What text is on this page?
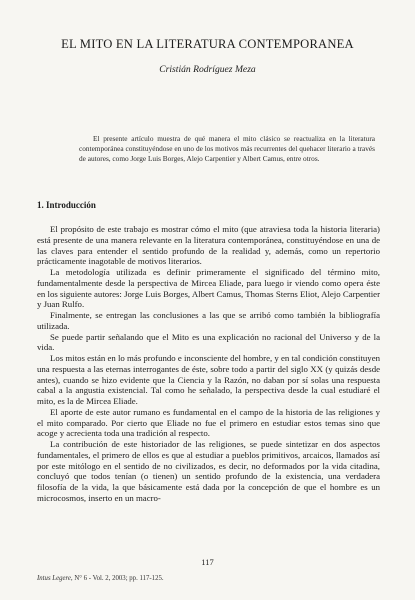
EL MITO EN LA LITERATURA CONTEMPORANEA
Cristián Rodríguez Meza

El presente artículo muestra de qué manera el mito clásico se reactualiza en la literatura contemporánea constituyéndose en uno de los motivos más recurrentes del quehacer literario a través de autores, como Jorge Luis Borges, Alejo Carpentier y Albert Camus, entre otros.

1. Introducción

El propósito de este trabajo es mostrar cómo el mito (que atraviesa toda la historia literaria) está presente de una manera relevante en la literatura contemporánea, constituyéndose en una de las claves para entender el sentido profundo de la realidad y, además, como un repertorio prácticamente inagotable de motivos literarios.

La metodología utilizada es definir primeramente el significado del término mito, fundamentalmente desde la perspectiva de Mircea Eliade, para luego ir viendo como opera éste en los siguiente autores: Jorge Luis Borges, Albert Camus, Thomas Sterns Eliot, Alejo Carpentier y Juan Rulfo.

Finalmente, se entregan las conclusiones a las que se arribó como también la bibliografía utilizada.

Se puede partir señalando que el Mito es una explicación no racional del Universo y de la vida.

Los mitos están en lo más profundo e inconsciente del hombre, y en tal condición constituyen una respuesta a las eternas interrogantes de éste, sobre todo a partir del siglo XX (y quizás desde antes), cuando se hizo evidente que la Ciencia y la Razón, no daban por sí solas una respuesta cabal a la angustia existencial. Tal como he señalado, la perspectiva desde la cual estudiaré el mito, es la de Mircea Eliade.

El aporte de este autor rumano es fundamental en el campo de la historia de las religiones y el mito comparado. Por cierto que Eliade no fue el primero en estudiar estos temas sino que acoge y acrecienta toda una tradición al respecto.

La contribución de este historiador de las religiones, se puede sintetizar en dos aspectos fundamentales, el primero de ellos es que al estudiar a pueblos primitivos, arcaicos, llamados así por este mitólogo en el sentido de no civilizados, es decir, no deformados por la vida citadina, concluyó que todos tenían (o tienen) un sentido profundo de la existencia, una verdadera filosofía de la vida, la que básicamente está dada por la concepción de que el hombre es un microcosmos, inserto en un macro-

117
Intus Legere, N° 6 - Vol. 2, 2003; pp. 117-125.
